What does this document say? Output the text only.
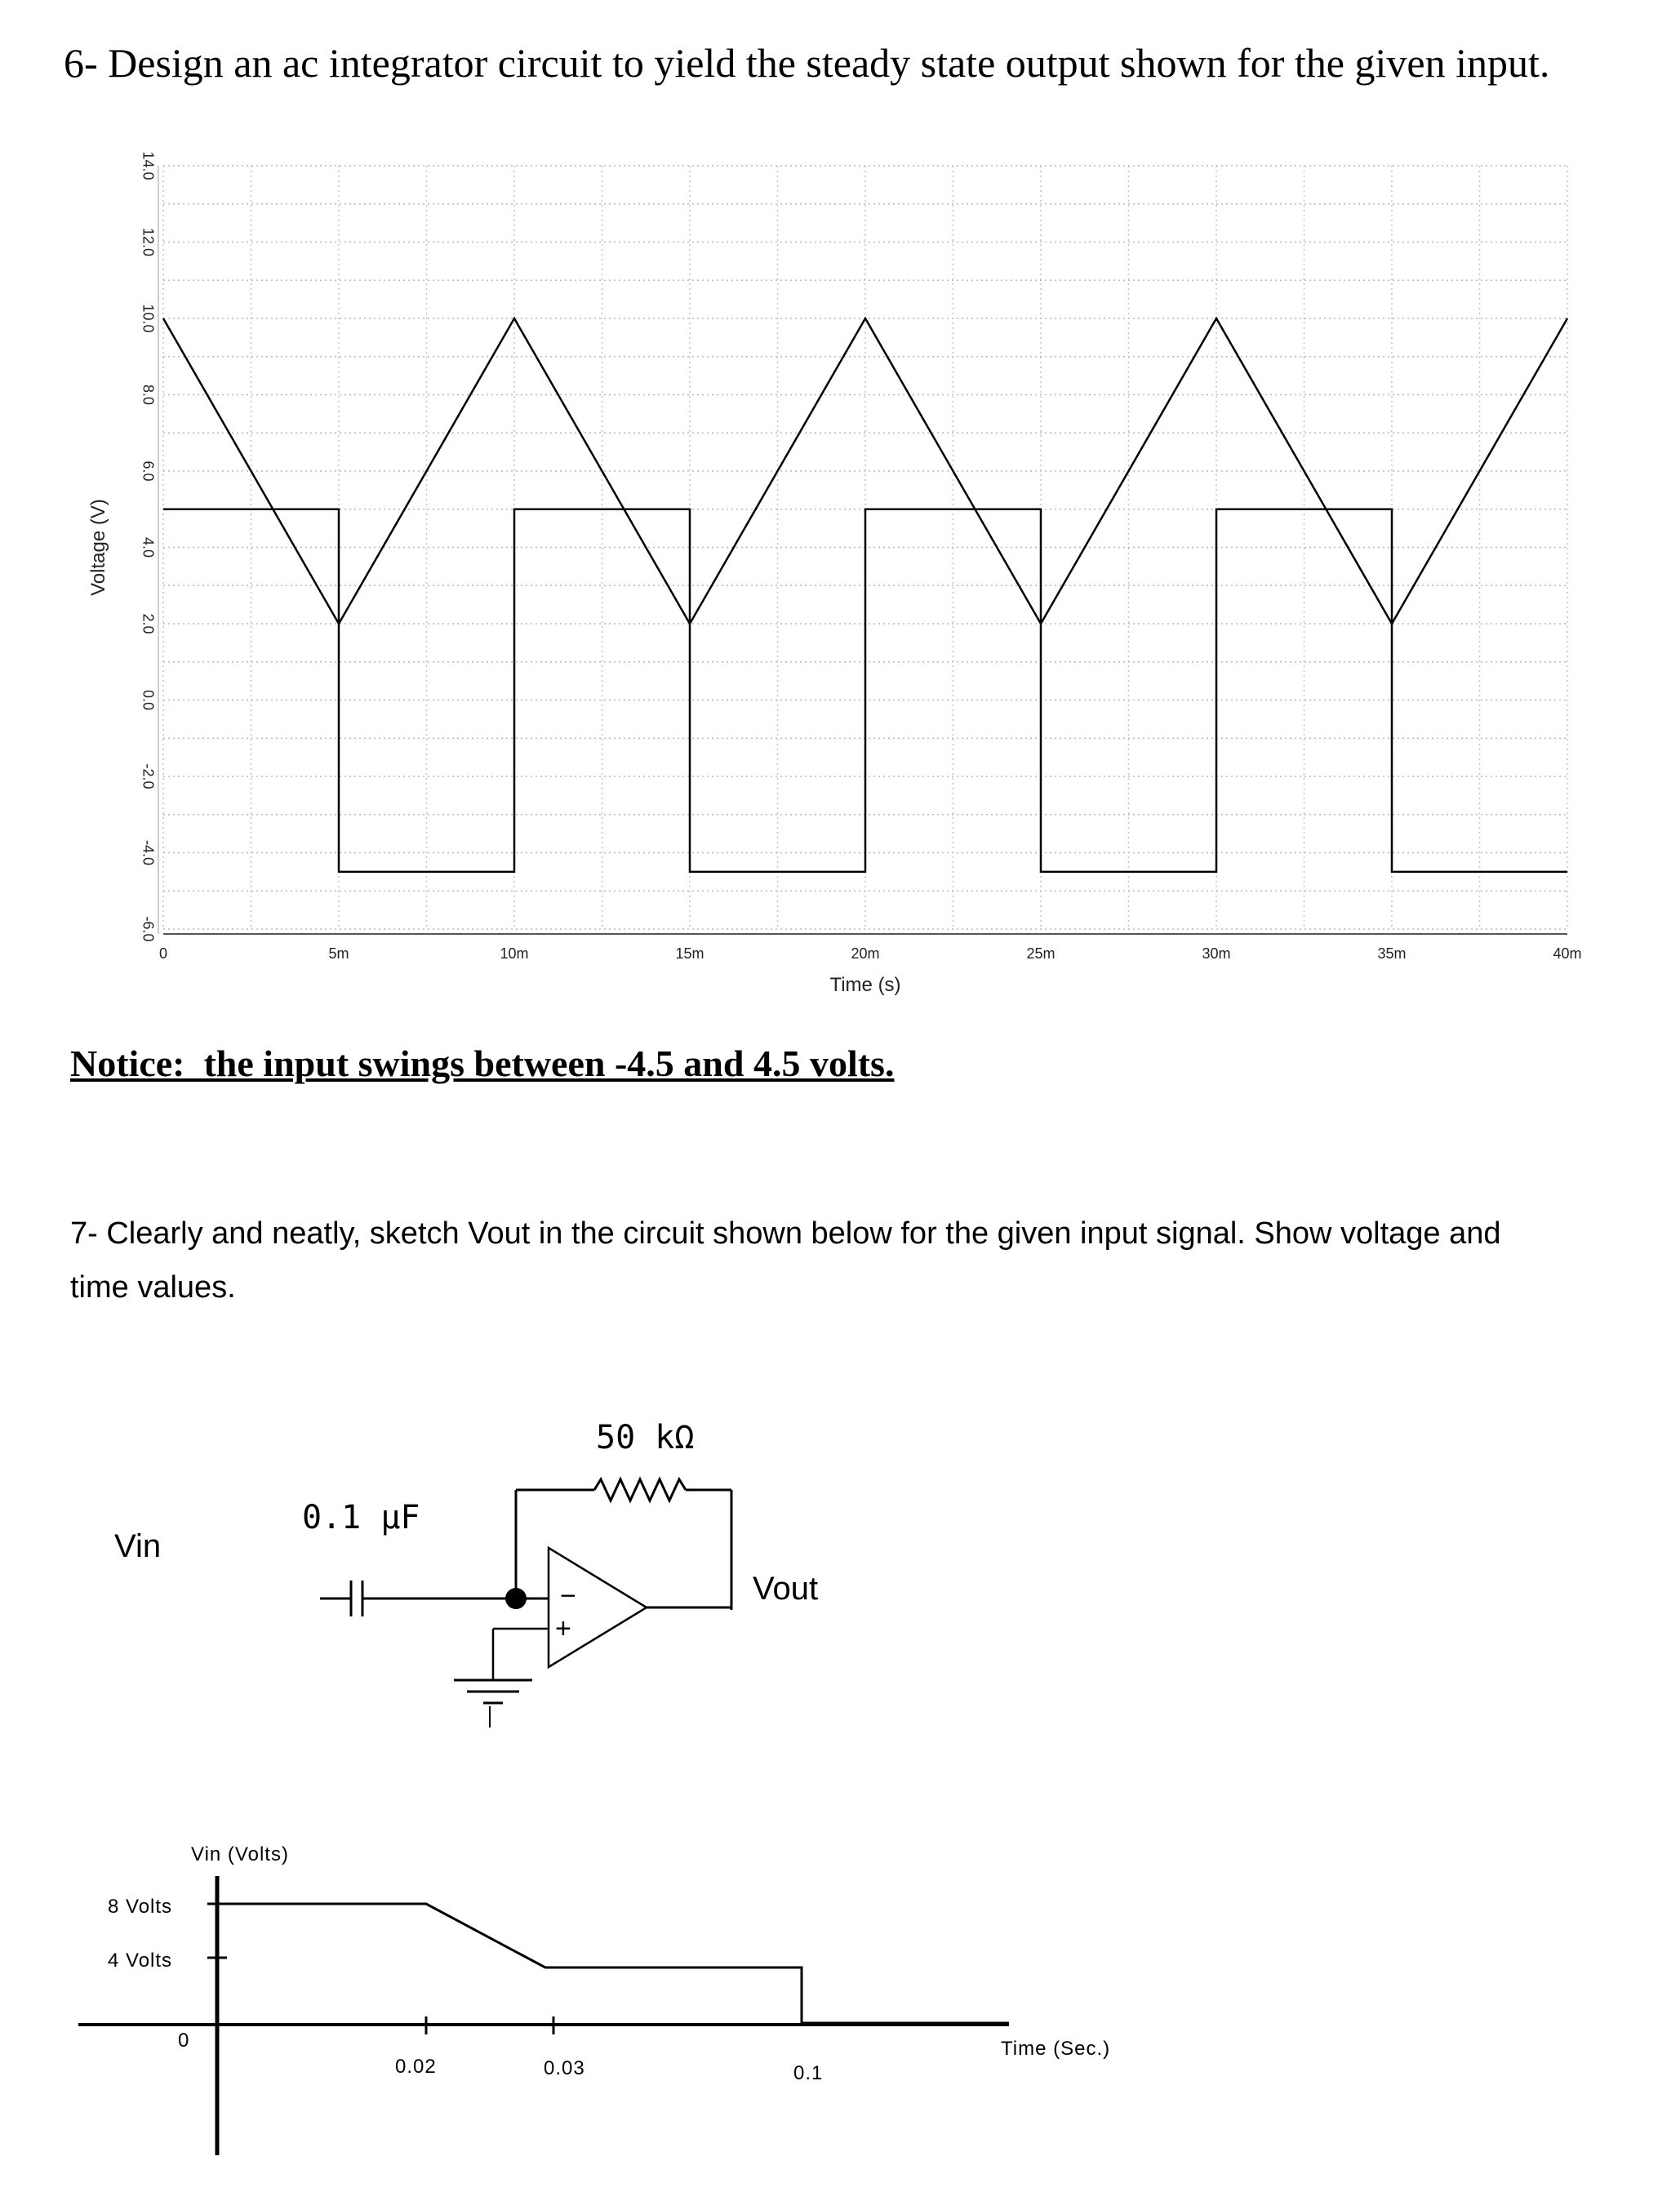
6- Design an ac integrator circuit to yield the steady state output shown for the given input.
14.0
12.0
10.0
8.0
6.0
4.0
2.0
0.0
-2.0
-4.0
-6.0
0	5m	10m	15m	20m	25m	30m	35m	40m
Time (s)
Voltage (V)
Notice:  the input swings between -4.5 and 4.5 volts.
7- Clearly and neatly, sketch Vout in the circuit shown below for the given input signal. Show voltage and
time values.
Vin
0.1 µF
50 kΩ
Vout
−
+
Vin (Volts)
8 Volts
4 Volts
0
0.02	0.03	0.1
Time (Sec.)
